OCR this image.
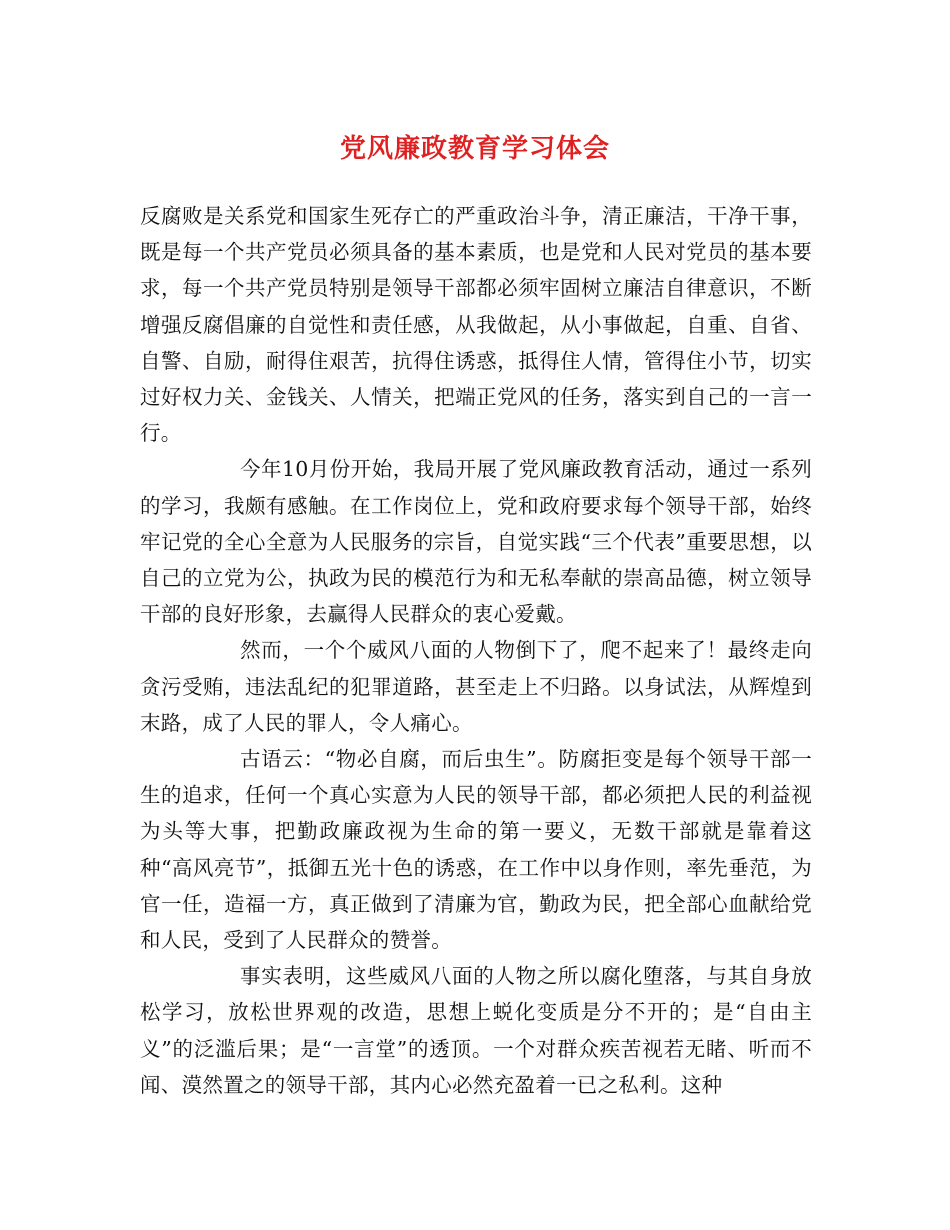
党风廉政教育学习体会

反腐败是关系党和国家生死存亡的严重政治斗争，清正廉洁，干净干事，既是每一个共产党员必须具备的基本素质，也是党和人民对党员的基本要求，每一个共产党员特别是领导干部都必须牢固树立廉洁自律意识，不断增强反腐倡廉的自觉性和责任感，从我做起，从小事做起，自重、自省、自警、自励，耐得住艰苦，抗得住诱惑，抵得住人情，管得住小节，切实过好权力关、金钱关、人情关，把端正党风的任务，落实到自己的一言一行。

今年10月份开始，我局开展了党风廉政教育活动，通过一系列的学习，我颇有感触。在工作岗位上，党和政府要求每个领导干部，始终牢记党的全心全意为人民服务的宗旨，自觉实践“三个代表”重要思想，以自己的立党为公，执政为民的模范行为和无私奉献的崇高品德，树立领导干部的良好形象，去赢得人民群众的衷心爱戴。

然而，一个个威风八面的人物倒下了，爬不起来了！最终走向贪污受贿，违法乱纪的犯罪道路，甚至走上不归路。以身试法，从辉煌到末路，成了人民的罪人，令人痛心。

古语云：“物必自腐，而后虫生”。防腐拒变是每个领导干部一生的追求，任何一个真心实意为人民的领导干部，都必须把人民的利益视为头等大事，把勤政廉政视为生命的第一要义，无数干部就是靠着这种“高风亮节”，抵御五光十色的诱惑，在工作中以身作则，率先垂范，为官一任，造福一方，真正做到了清廉为官，勤政为民，把全部心血献给党和人民，受到了人民群众的赞誉。

事实表明，这些威风八面的人物之所以腐化堕落，与其自身放松学习，放松世界观的改造，思想上蜕化变质是分不开的；是“自由主义”的泛滥后果；是“一言堂”的透顶。一个对群众疾苦视若无睹、听而不闻、漠然置之的领导干部，其内心必然充盈着一已之私利。这种
